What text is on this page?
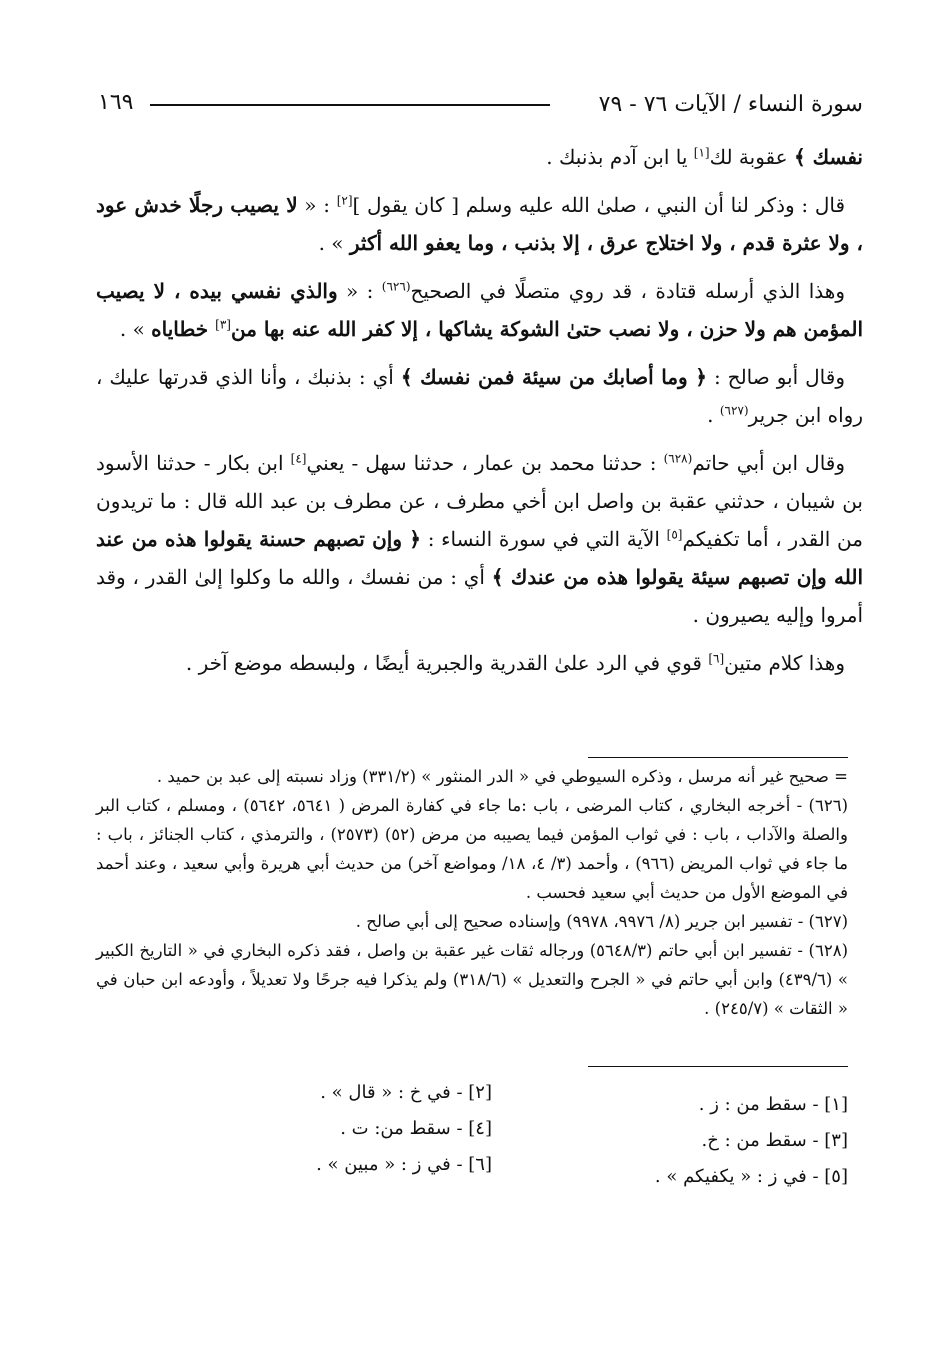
سورة النساء / الآيات ٧٦ - ٧٩
١٦٩

نفسك ﴾ عقوبة لك[١] يا ابن آدم بذنبك .

قال : وذكر لنا أن النبي ، صلىٰ الله عليه وسلم [ كان يقول ][٢] : « لا يصيب رجلًا خدش عود ، ولا عثرة قدم ، ولا اختلاج عرق ، إلا بذنب ، وما يعفو الله أكثر » .

وهذا الذي أرسله قتادة ، قد روي متصلًا في الصحيح$^{(٦٢٦)}$ : « والذي نفسي بيده ، لا يصيب المؤمن هم ولا حزن ، ولا نصب حتىٰ الشوكة يشاكها ، إلا كفر الله عنه بها من[٣] خطاياه » .

وقال أبو صالح : ﴿ وما أصابك من سيئة فمن نفسك ﴾ أي : بذنبك ، وأنا الذي قدرتها عليك ، رواه ابن جرير$^{(٦٢٧)}$ .

وقال ابن أبي حاتم$^{(٦٢٨)}$ : حدثنا محمد بن عمار ، حدثنا سهل - يعني[٤] ابن بكار - حدثنا الأسود بن شيبان ، حدثني عقبة بن واصل ابن أخي مطرف ، عن مطرف بن عبد الله قال : ما تريدون من القدر ، أما تكفيكم[٥] الآية التي في سورة النساء : ﴿ وإن تصبهم حسنة يقولوا هذه من عند الله وإن تصبهم سيئة يقولوا هذه من عندك ﴾ أي : من نفسك ، والله ما وكلوا إلىٰ القدر ، وقد أمروا وإليه يصيرون .

وهذا كلام متين[٦] قوي في الرد علىٰ القدرية والجبرية أيضًا ، ولبسطه موضع آخر .

= صحيح غير أنه مرسل ، وذكره السيوطي في « الدر المنثور » (٣٣١/٢) وزاد نسبته إلى عبد بن حميد .

(٦٢٦) - أخرجه البخاري ، كتاب المرضى ، باب :ما جاء في كفارة المرض ( ٥٦٤١، ٥٦٤٢) ، ومسلم ، كتاب البر والصلة والآداب ، باب : في ثواب المؤمن فيما يصيبه من مرض (٥٢) (٢٥٧٣) ، والترمذي ، كتاب الجنائز ، باب : ما جاء في ثواب المريض (٩٦٦) ، وأحمد (٣/ ٤، ١٨/ ومواضع آخر) من حديث أبي هريرة وأبي سعيد ، وعند أحمد في الموضع الأول من حديث أبي سعيد فحسب .

(٦٢٧) - تفسير ابن جرير (٨/ ٩٩٧٦، ٩٩٧٨) وإسناده صحيح إلى أبي صالح .

(٦٢٨) - تفسير ابن أبي حاتم (٥٦٤٨/٣) ورجاله ثقات غير عقبة بن واصل ، فقد ذكره البخاري في « التاريخ الكبير » (٤٣٩/٦) وابن أبي حاتم في « الجرح والتعديل » (٣١٨/٦) ولم يذكرا فيه جرحًا ولا تعديلاً ، وأودعه ابن حبان في « الثقات » (٢٤٥/٧) .

[١] - سقط من : ز .

[٣] - سقط من : خ.

[٥] - في ز : « يكفيكم » .

[٢] - في خ : « قال » .

[٤] - سقط من: ت .

[٦] - في ز : « مبين » .
